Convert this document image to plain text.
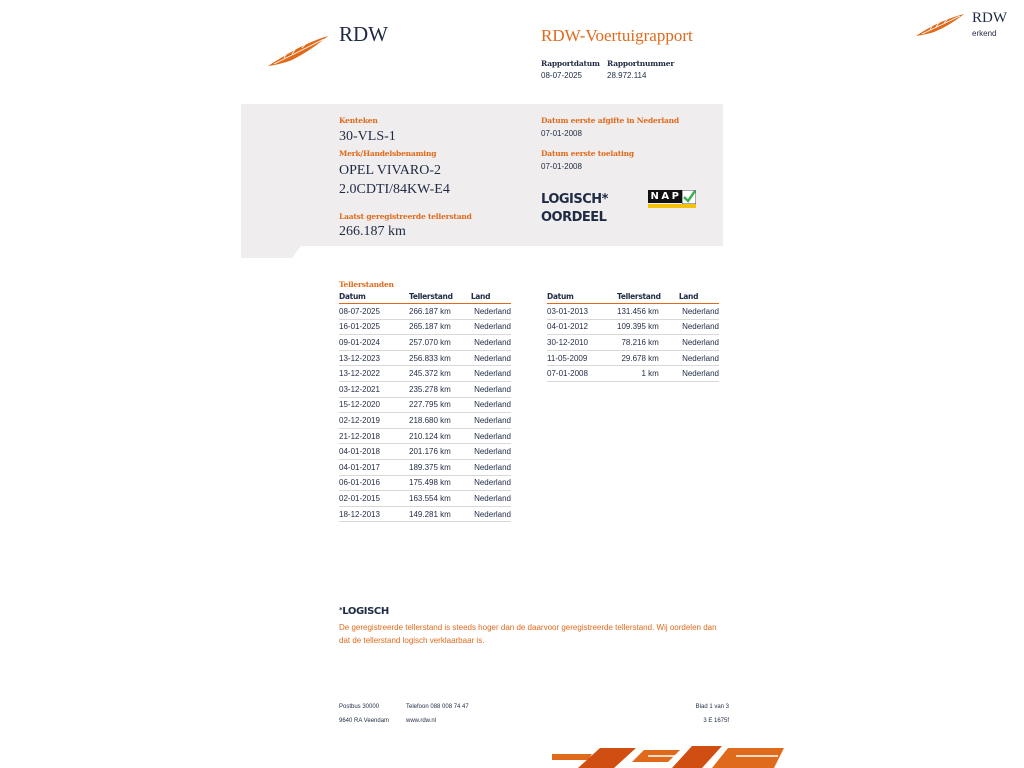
RDW
erkend
RDW	RDW-Voertuigrapport
Rapportdatum
08-07-2025
Rapportnummer
28.972.114
Kenteken
30-VLS-1
Merk/Handelsbenaming
OPEL VIVARO-2
2.0CDTI/84KW-E4
Laatst geregistreerde tellerstand
266.187 km
Datum eerste afgifte in Nederland
07-01-2008
Datum eerste toelating
07-01-2008
LOGISCH*
OORDEEL
NAP
Tellerstanden
Datum	Tellerstand	Land
08-07-2025	266.187 km	Nederland
16-01-2025	265.187 km	Nederland
09-01-2024	257.070 km	Nederland
13-12-2023	256.833 km	Nederland
13-12-2022	245.372 km	Nederland
03-12-2021	235.278 km	Nederland
15-12-2020	227.795 km	Nederland
02-12-2019	218.680 km	Nederland
21-12-2018	210.124 km	Nederland
04-01-2018	201.176 km	Nederland
04-01-2017	189.375 km	Nederland
06-01-2016	175.498 km	Nederland
02-01-2015	163.554 km	Nederland
18-12-2013	149.281 km	Nederland
Datum	Tellerstand	Land
03-01-2013	131.456 km	Nederland
04-01-2012	109.395 km	Nederland
30-12-2010	78.216 km	Nederland
11-05-2009	29.678 km	Nederland
07-01-2008	1 km	Nederland
*LOGISCH
De geregistreerde tellerstand is steeds hoger dan de daarvoor geregistreerde tellerstand. Wij oordelen dan
dat de tellerstand logisch verklaarbaar is.
Postbus 30000
9640 RA Veendam
Telefoon 088 008 74 47
www.rdw.nl
Blad 1 van 3
3 E 1675f
